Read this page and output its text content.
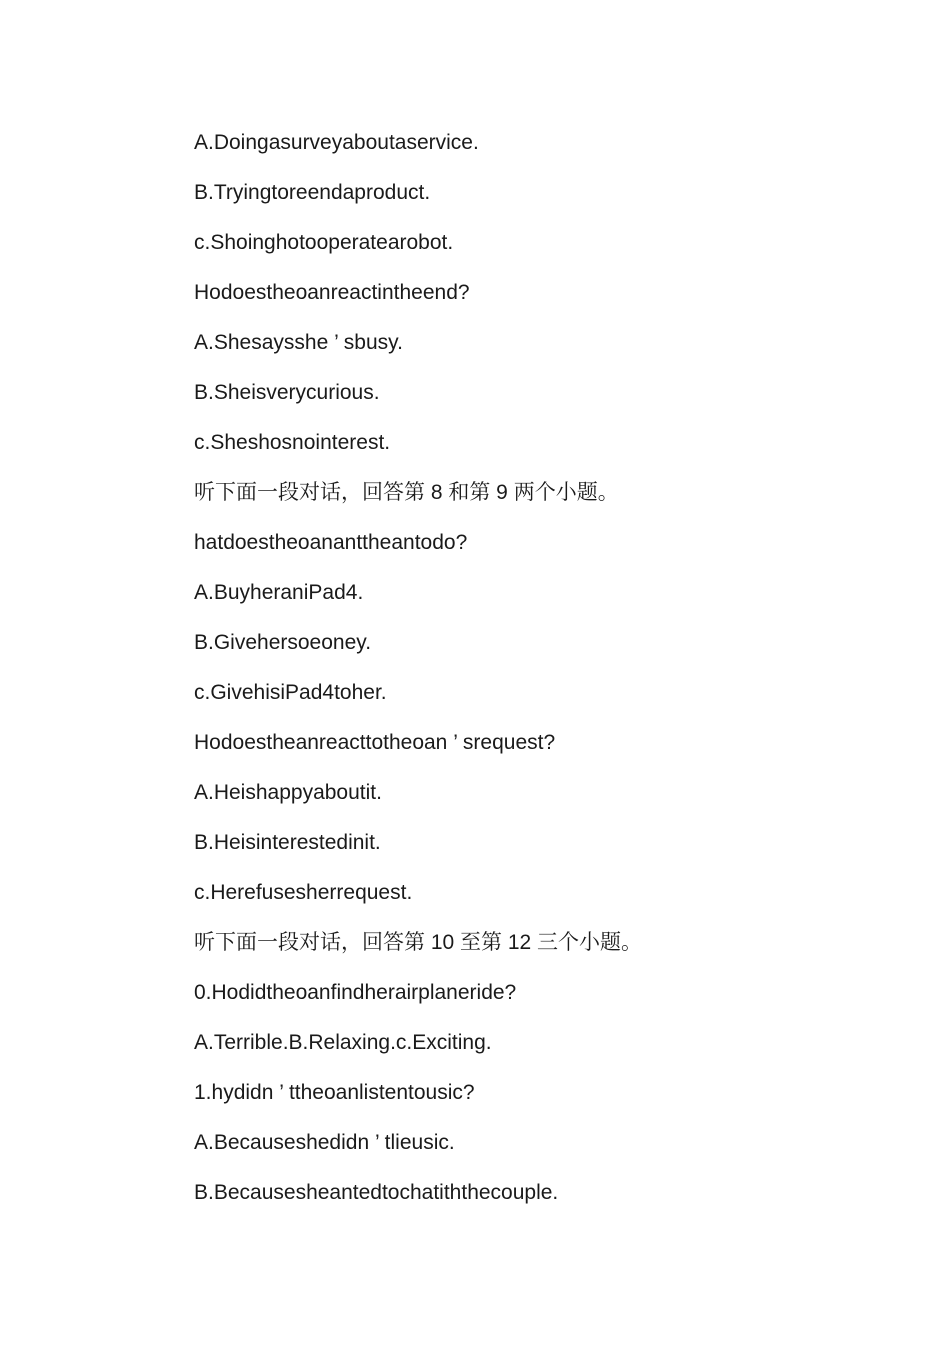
A.Doingasurveyaboutaservice.
B.Tryingtoreendaproduct.
c.Shoinghotooperatearobot.
Hodoestheoanreactintheend?
A.Shesaysshe ’ sbusy.
B.Sheisverycurious.
c.Sheshosnointerest.
听下面一段对话，回答第 8 和第 9 两个小题。
hatdoestheoananttheantodo?
A.BuyheraniPad4.
B.Givehersoeoney.
c.GivehisiPad4toher.
Hodoestheanreacttotheoan ’ srequest?
A.Heishappyaboutit.
B.Heisinterestedinit.
c.Herefusesherrequest.
听下面一段对话，回答第 10 至第 12 三个小题。
0.Hodidtheoanfindherairplaneride?
A.Terrible.B.Relaxing.c.Exciting.
1.hydidn ’ ttheoanlistentousic?
A.Becauseshedidn ’ tlieusic.
B.Becausesheantedtochatiththecouple.
